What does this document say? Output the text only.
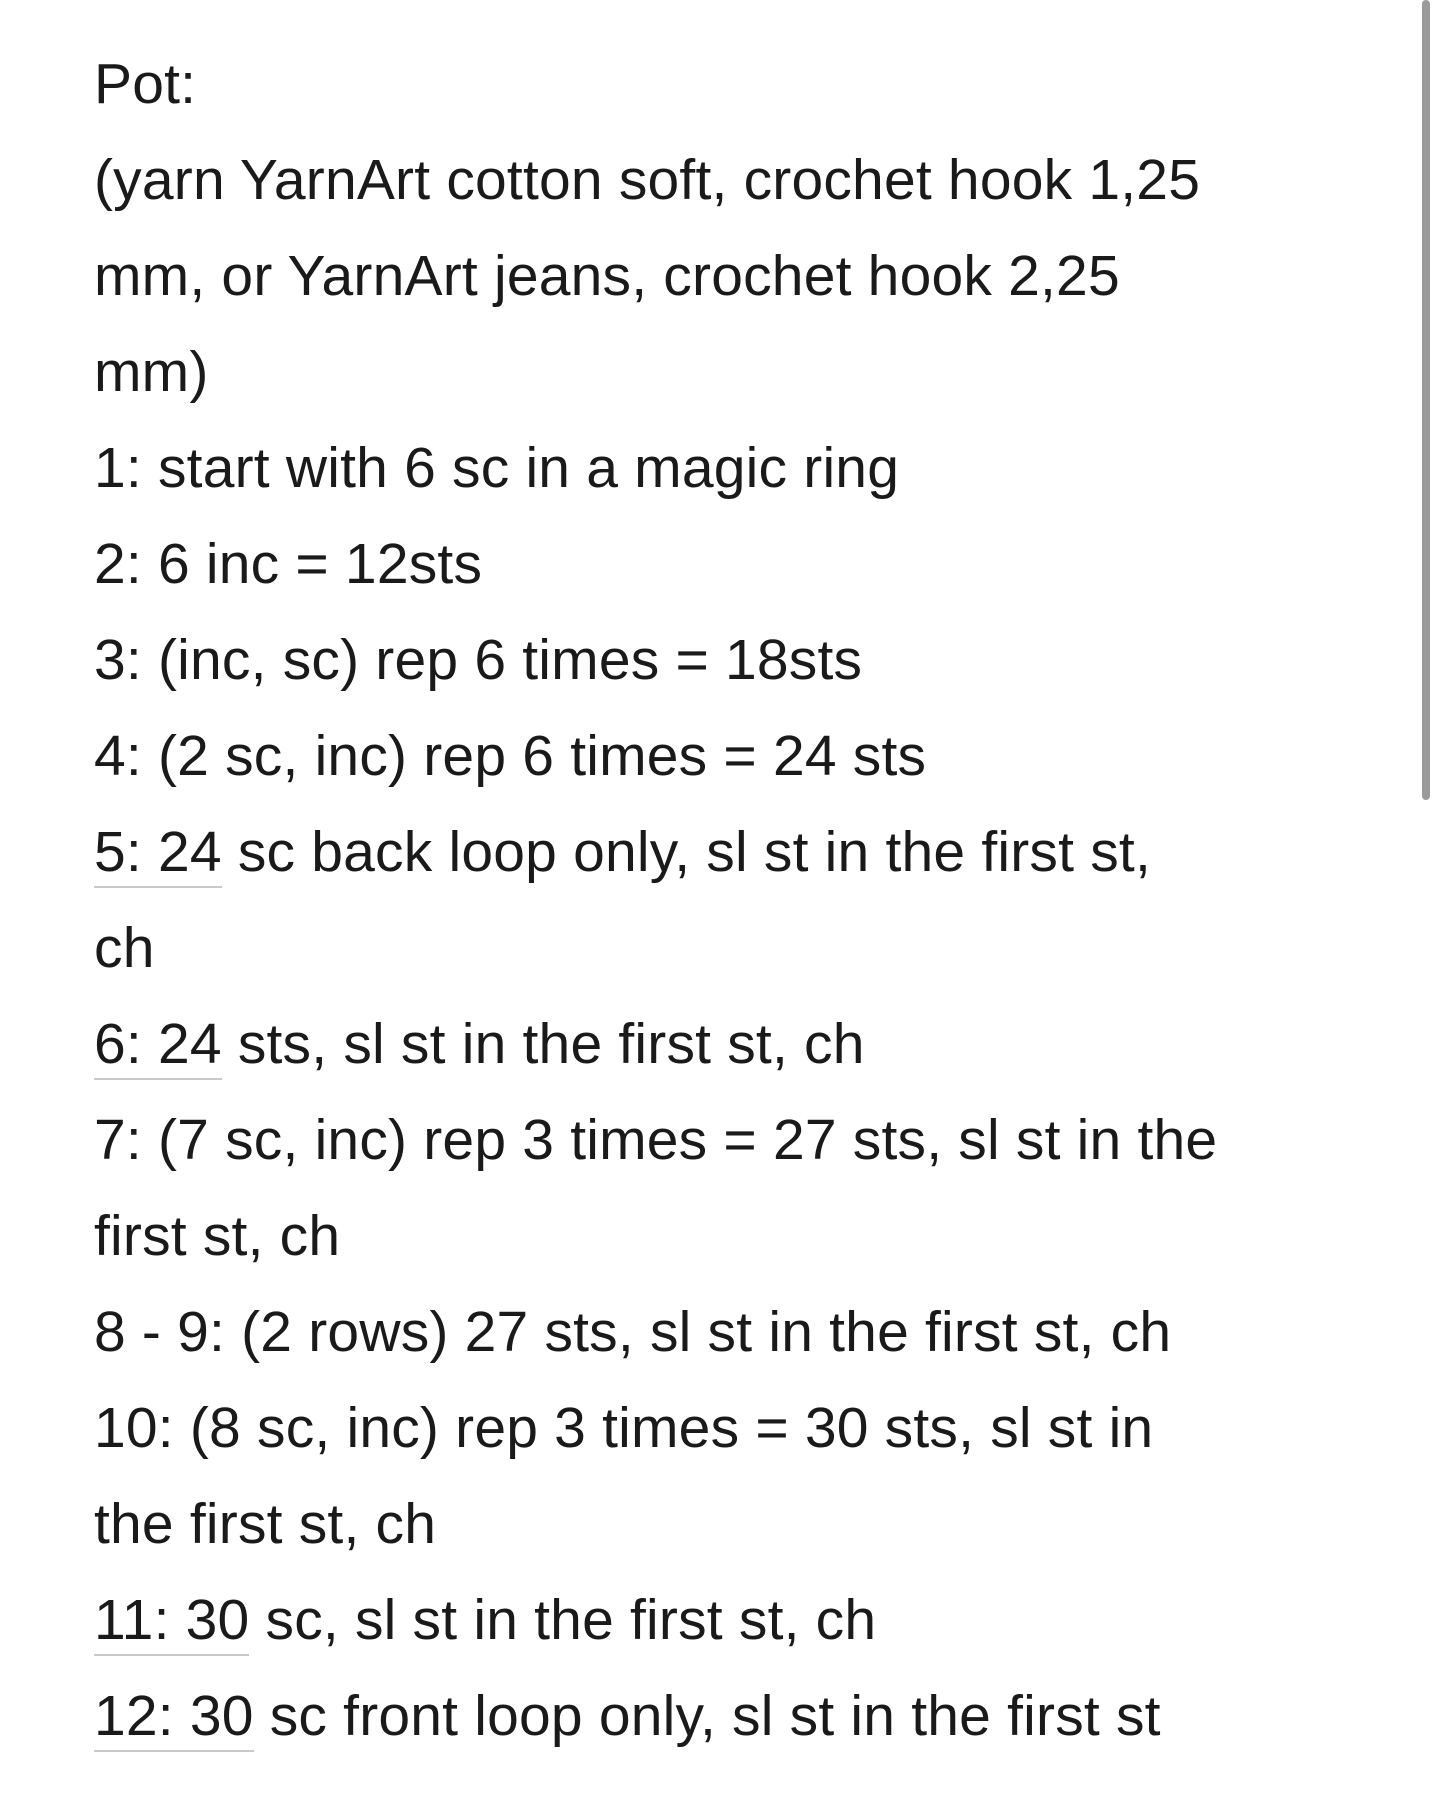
Pot:
(yarn YarnArt cotton soft, crochet hook 1,25
mm, or YarnArt jeans, crochet hook 2,25
mm)
1: start with 6 sc in a magic ring
2: 6 inc = 12sts
3: (inc, sc) rep 6 times = 18sts
4: (2 sc, inc) rep 6 times = 24 sts
5: 24 sc back loop only, sl st in the first st,
ch
6: 24 sts, sl st in the first st, ch
7: (7 sc, inc) rep 3 times = 27 sts, sl st in the
first st, ch
8 - 9: (2 rows) 27 sts, sl st in the first st, ch
10: (8 sc, inc) rep 3 times = 30 sts, sl st in
the first st, ch
11: 30 sc, sl st in the first st, ch
12: 30 sc front loop only, sl st in the first st
